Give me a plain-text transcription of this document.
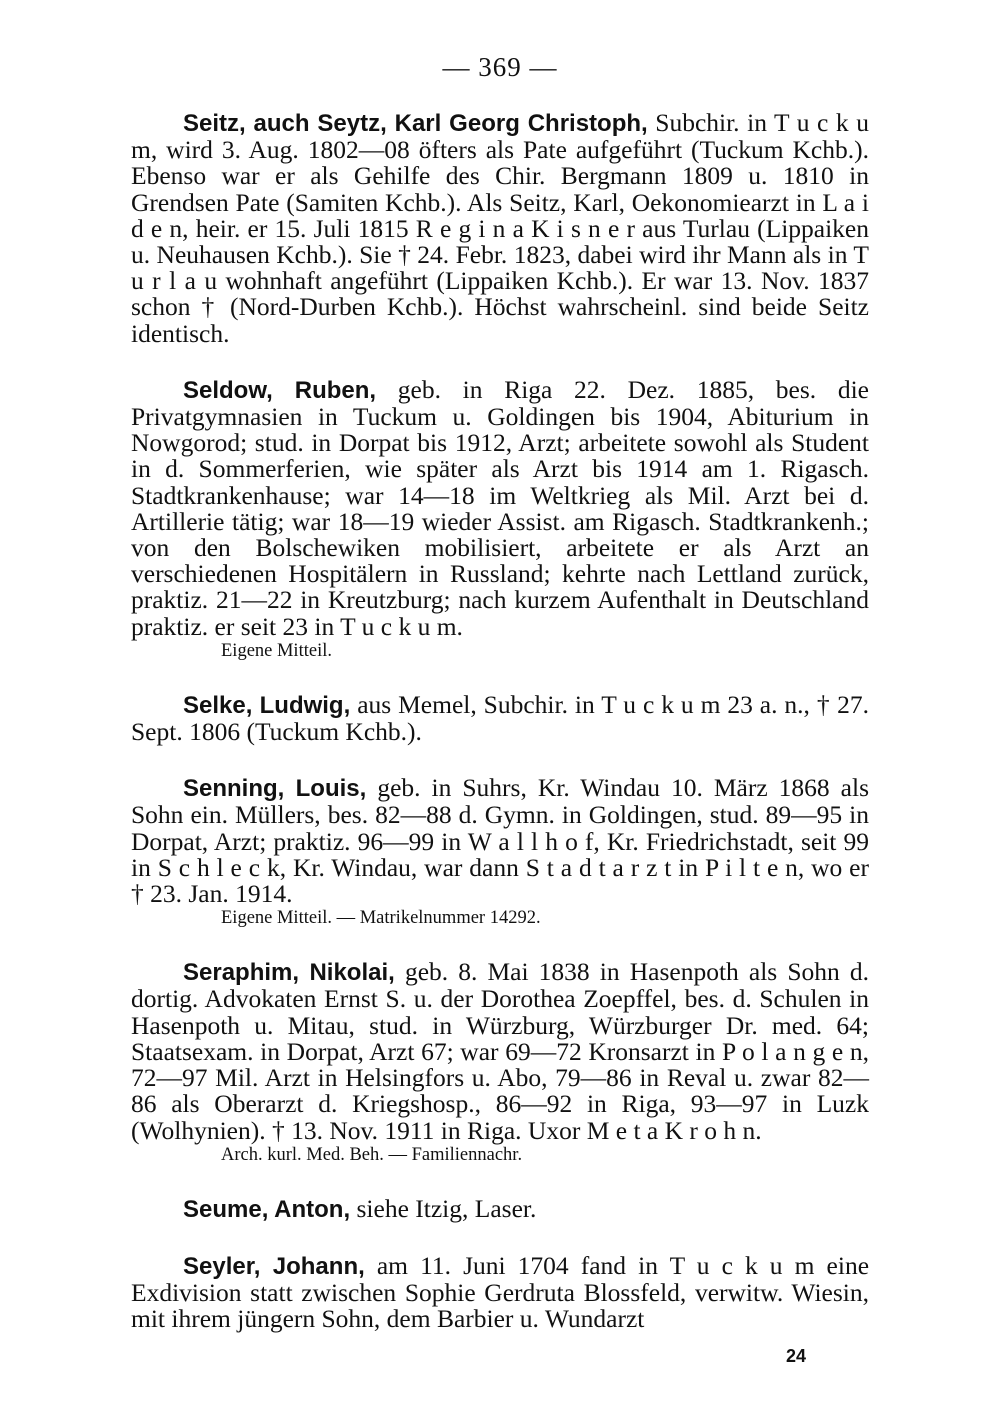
— 369 —

Seitz, auch Seytz, Karl Georg Christoph, Subchir. in T u c k u m, wird 3. Aug. 1802—08 öfters als Pate aufgeführt (Tuckum Kchb.). Ebenso war er als Gehilfe des Chir. Bergmann 1809 u. 1810 in Grendsen Pate (Samiten Kchb.). Als Seitz, Karl, Oekonomiearzt in L a i d e n, heir. er 15. Juli 1815 R e g i n a K i s n e r aus Turlau (Lippaiken u. Neuhausen Kchb.). Sie † 24. Febr. 1823, dabei wird ihr Mann als in T u r l a u wohnhaft angeführt (Lippaiken Kchb.). Er war 13. Nov. 1837 schon † (Nord-Durben Kchb.). Höchst wahrscheinl. sind beide Seitz identisch.

Seldow, Ruben, geb. in Riga 22. Dez. 1885, bes. die Privatgymnasien in Tuckum u. Goldingen bis 1904, Abiturium in Nowgorod; stud. in Dorpat bis 1912, Arzt; arbeitete sowohl als Student in d. Sommerferien, wie später als Arzt bis 1914 am 1. Rigasch. Stadtkrankenhause; war 14—18 im Weltkrieg als Mil. Arzt bei d. Artillerie tätig; war 18—19 wieder Assist. am Rigasch. Stadtkrankenh.; von den Bolschewiken mobilisiert, arbeitete er als Arzt an verschiedenen Hospitälern in Russland; kehrte nach Lettland zurück, praktiz. 21—22 in Kreutzburg; nach kurzem Aufenthalt in Deutschland praktiz. er seit 23 in T u c k u m.

Eigene Mitteil.

Selke, Ludwig, aus Memel, Subchir. in T u c k u m 23 a. n., † 27. Sept. 1806 (Tuckum Kchb.).

Senning, Louis, geb. in Suhrs, Kr. Windau 10. März 1868 als Sohn ein. Müllers, bes. 82—88 d. Gymn. in Goldingen, stud. 89—95 in Dorpat, Arzt; praktiz. 96—99 in W a l l h o f, Kr. Friedrichstadt, seit 99 in S c h l e c k, Kr. Windau, war dann S t a d t a r z t in P i l t e n, wo er † 23. Jan. 1914.

Eigene Mitteil. — Matrikelnummer 14292.

Seraphim, Nikolai, geb. 8. Mai 1838 in Hasenpoth als Sohn d. dortig. Advokaten Ernst S. u. der Dorothea Zoepffel, bes. d. Schulen in Hasenpoth u. Mitau, stud. in Würzburg, Würzburger Dr. med. 64; Staatsexam. in Dorpat, Arzt 67; war 69—72 Kronsarzt in P o l a n g e n, 72—97 Mil. Arzt in Helsingfors u. Abo, 79—86 in Reval u. zwar 82—86 als Oberarzt d. Kriegshosp., 86—92 in Riga, 93—97 in Luzk (Wolhynien). † 13. Nov. 1911 in Riga. Uxor M e t a K r o h n.

Arch. kurl. Med. Beh. — Familiennachr.

Seume, Anton, siehe Itzig, Laser.

Seyler, Johann, am 11. Juni 1704 fand in T u c k u m eine Exdivision statt zwischen Sophie Gerdruta Blossfeld, verwitw. Wiesin, mit ihrem jüngern Sohn, dem Barbier u. Wundarzt

24
